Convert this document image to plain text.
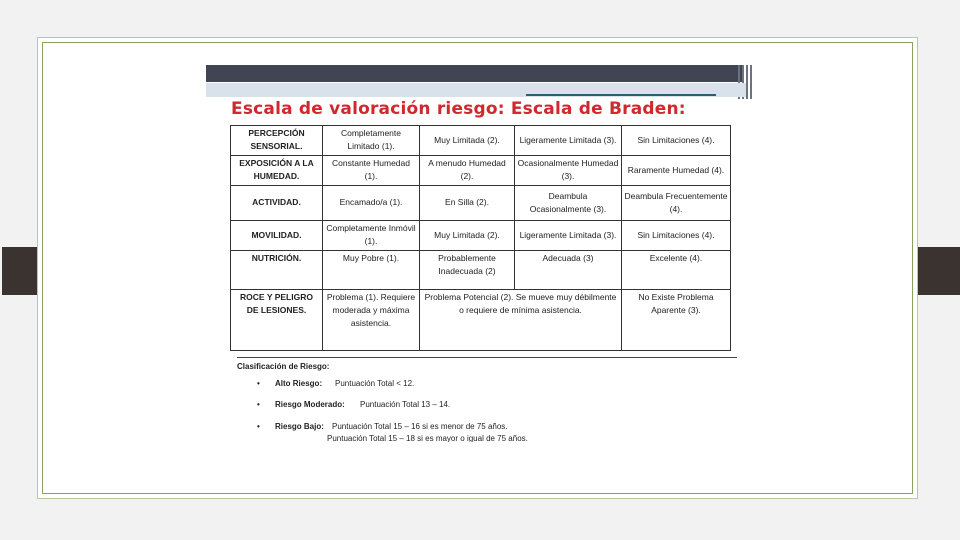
Escala de valoración riesgo: Escala de Braden:
PERCEPCIÓN SENSORIAL.	Completamente Limitado (1).	Muy Limitada (2).	Ligeramente Limitada (3).	Sin Limitaciones (4).
EXPOSICIÓN A LA HUMEDAD.	Constante Humedad (1).	A menudo Humedad (2).	Ocasionalmente Humedad (3).	Raramente Humedad (4).
ACTIVIDAD.	Encamado/a (1).	En Silla (2).	Deambula Ocasionalmente (3).	Deambula Frecuentemente (4).
MOVILIDAD.	Completamente Inmóvil (1).	Muy Limitada (2).	Ligeramente Limitada (3).	Sin Limitaciones (4).
NUTRICIÓN.	Muy Pobre (1).	Probablemente Inadecuada (2)	Adecuada (3)	Excelente (4).
ROCE Y PELIGRO DE LESIONES.	Problema (1). Requiere moderada y máxima asistencia.	Problema Potencial (2). Se mueve muy débilmente o requiere de mínima asistencia.		No Existe Problema Aparente (3).
Clasificación de Riesgo:
• Alto Riesgo: Puntuación Total < 12.
• Riesgo Moderado: Puntuación Total 13 – 14.
• Riesgo Bajo: Puntuación Total 15 – 16 si es menor de 75 años.
Puntuación Total 15 – 18 si es mayor o igual de 75 años.
